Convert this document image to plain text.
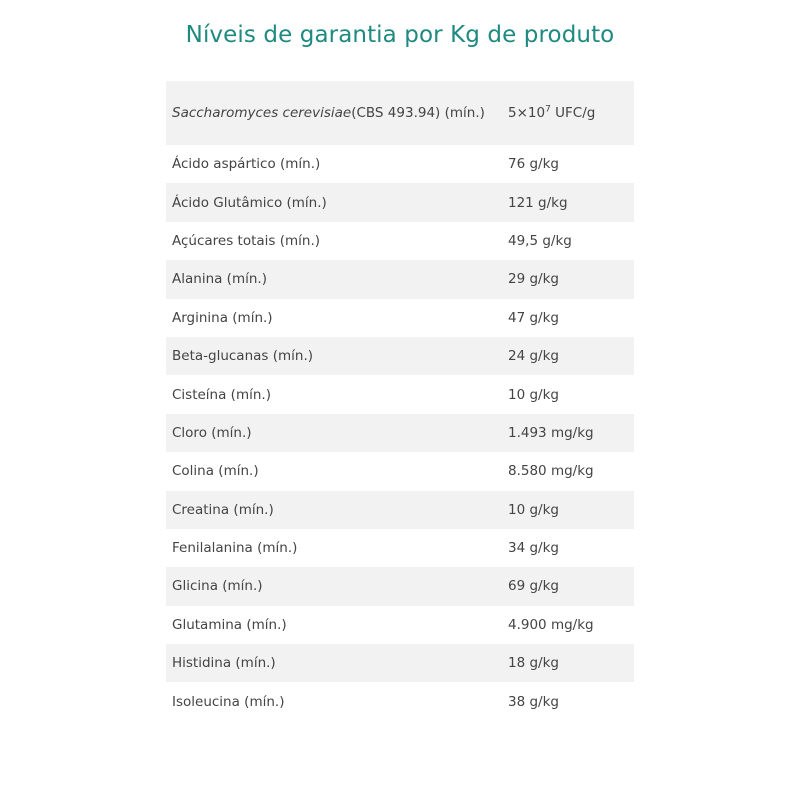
Níveis de garantia por Kg de produto
Saccharomyces cerevisiae(CBS 493.94) (mín.)	$5\times 10^7$ UFC/g
Ácido aspártico (mín.)	76 g/kg
Ácido Glutâmico (mín.)	121 g/kg
Açúcares totais (mín.)	49,5 g/kg
Alanina (mín.)	29 g/kg
Arginina (mín.)	47 g/kg
Beta-glucanas (mín.)	24 g/kg
Cisteína (mín.)	10 g/kg
Cloro (mín.)	1.493 mg/kg
Colina (mín.)	8.580 mg/kg
Creatina (mín.)	10 g/kg
Fenilalanina (mín.)	34 g/kg
Glicina (mín.)	69 g/kg
Glutamina (mín.)	4.900 mg/kg
Histidina (mín.)	18 g/kg
Isoleucina (mín.)	38 g/kg
